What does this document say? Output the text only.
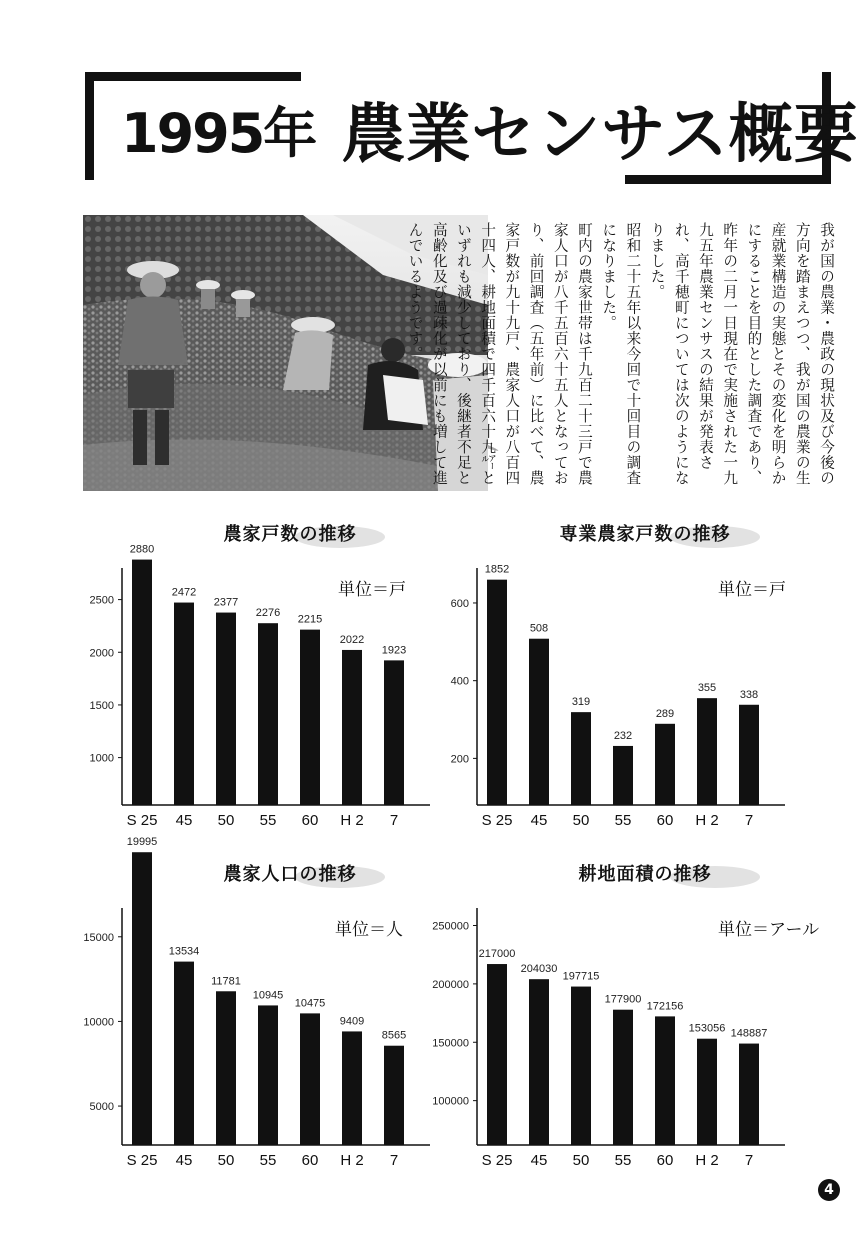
1995年 農業センサス概要

我が国の農業・農政の現状及び今後の方向を踏まえつつ、我が国の農業の生産就業構造の実態とその変化を明らかにすることを目的とした調査であり、昨年の二月一日現在で実施された一九九五年農業センサスの結果が発表され、高千穂町については次のようになりました。

昭和二十五年以来今回で十回目の調査になりました。

町内の農家世帯は千九百二十三戸で農家人口が八千五百六十五人となっており、前回調査（五年前）に比べて、農家戸数が九十九戸、農家人口が八百四十四人、耕地面積で四千百六十九㌃といずれも減少しており、後継者不足と高齢化及び過疎化が以前にも増して進んでいるようです。

農家戸数の推移
単位＝戸
1000
1500
2000
2500
2880
S 25
2472
45
2377
50
2276
55
2215
60
2022
H 2
1923
7
専業農家戸数の推移
単位＝戸
200
400
600
1852
S 25
508
45
319
50
232
55
289
60
355
H 2
338
7
農家人口の推移
単位＝人
5000
10000
15000
19995
S 25
13534
45
11781
50
10945
55
10475
60
9409
H 2
8565
7
耕地面積の推移
単位＝アール
100000
150000
200000
250000
217000
S 25
204030
45
197715
50
177900
55
172156
60
153056
H 2
148887
7
4
